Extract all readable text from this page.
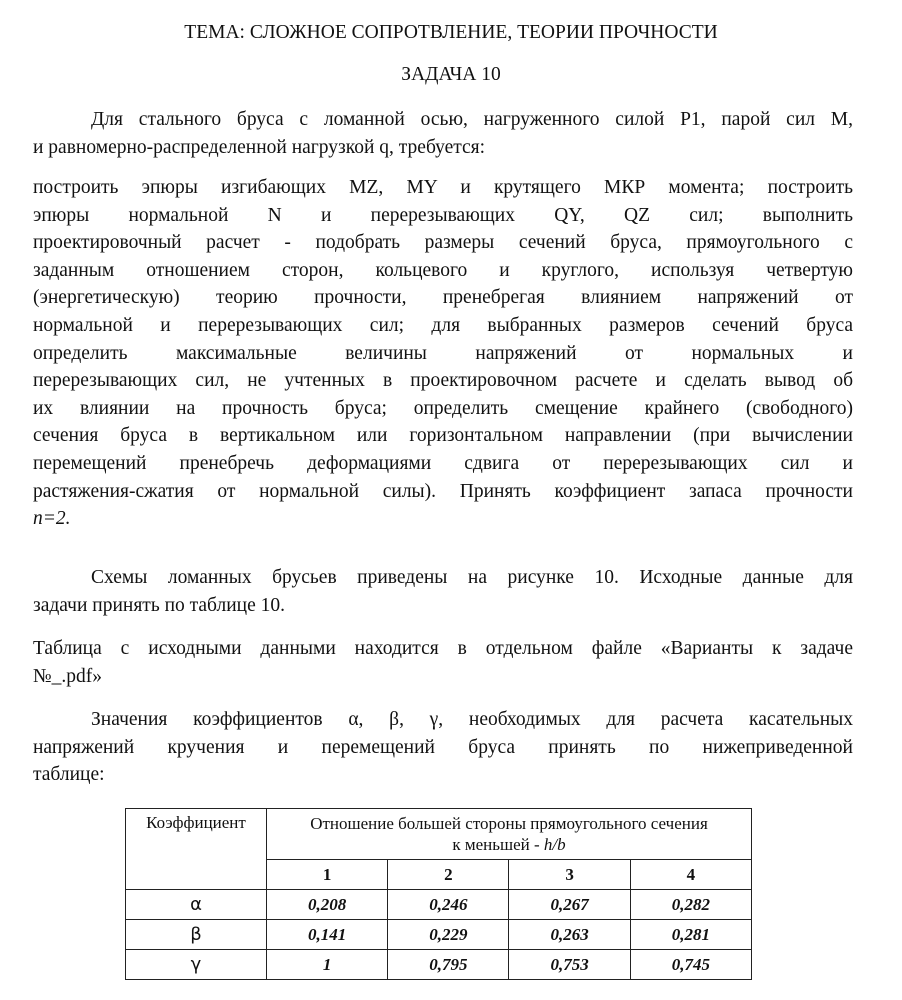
ТЕМА: СЛОЖНОЕ СОПРОТВЛЕНИЕ, ТЕОРИИ ПРОЧНОСТИ
ЗАДАЧА 10
Для стального бруса с ломанной осью, нагруженного силой P1, парой сил M,
и равномерно-распределенной нагрузкой q, требуется:
построить эпюры изгибающих MZ, MY и крутящего МКР момента; построить
эпюры нормальной N и перерезывающих QY, QZ сил; выполнить
проектировочный расчет - подобрать размеры сечений бруса, прямоугольного с
заданным отношением сторон, кольцевого и круглого, используя четвертую
(энергетическую) теорию прочности, пренебрегая влиянием напряжений от
нормальной и перерезывающих сил; для выбранных размеров сечений бруса
определить максимальные величины напряжений от нормальных и
перерезывающих сил, не учтенных в проектировочном расчете и сделать вывод об
их влиянии на прочность бруса; определить смещение крайнего (свободного)
сечения бруса в вертикальном или горизонтальном направлении (при вычислении
перемещений пренебречь деформациями сдвига от перерезывающих сил и
растяжения-сжатия от нормальной силы). Принять коэффициент запаса прочности
n=2.
Схемы ломанных брусьев приведены на рисунке 10. Исходные данные для
задачи принять по таблице 10.
Таблица с исходными данными находится в отдельном файле «Варианты к задаче
№_.pdf»
Значения коэффициентов α, β, γ, необходимых для расчета касательных
напряжений кручения и перемещений бруса принять по нижеприведенной
таблице:
Коэффициент	Отношение большей стороны прямоугольного сечения
к меньшей - h/b			
	1	2	3	4
α	0,208	0,246	0,267	0,282
β	0,141	0,229	0,263	0,281
γ	1	0,795	0,753	0,745
